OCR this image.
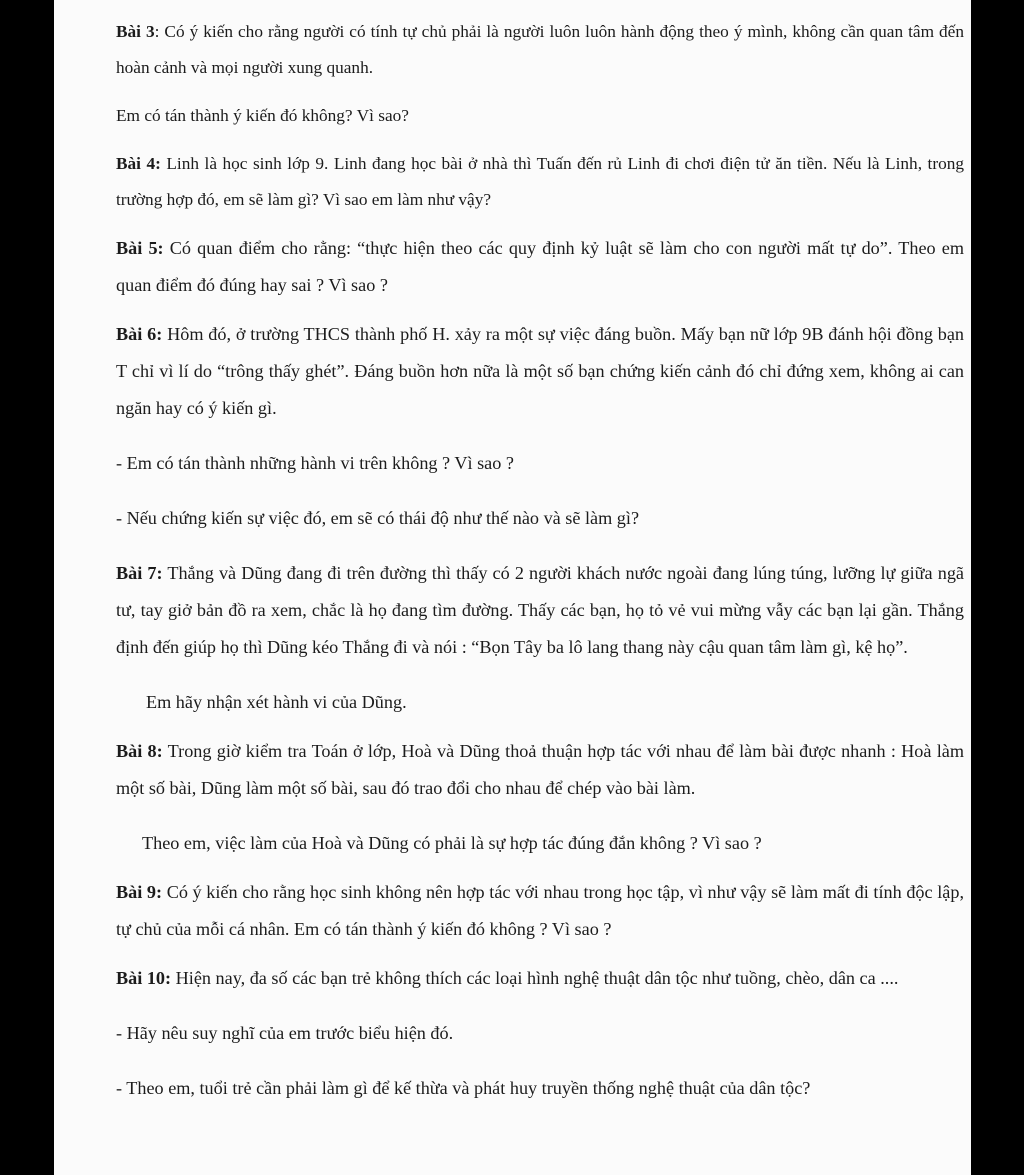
Bài 3: Có ý kiến cho rằng người có tính tự chủ phải là người luôn luôn hành động theo ý mình, không cần quan tâm đến hoàn cảnh và mọi người xung quanh.

Em có tán thành ý kiến đó không? Vì sao?

Bài 4: Linh là học sinh lớp 9. Linh đang học bài ở nhà thì Tuấn đến rủ Linh đi chơi điện tử ăn tiền. Nếu là Linh, trong trường hợp đó, em sẽ làm gì? Vì sao em làm như vậy?

Bài 5: Có quan điểm cho rằng: “thực hiện theo các quy định kỷ luật sẽ làm cho con người mất tự do”. Theo em quan điểm đó đúng hay sai ? Vì sao ?

Bài 6: Hôm đó, ở trường THCS thành phố H. xảy ra một sự việc đáng buồn. Mấy bạn nữ lớp 9B đánh hội đồng bạn T chỉ vì lí do “trông thấy ghét”. Đáng buồn hơn nữa là một số bạn chứng kiến cảnh đó chỉ đứng xem, không ai can ngăn hay có ý kiến gì.

- Em có tán thành những hành vi trên không ? Vì sao ?

- Nếu chứng kiến sự việc đó, em sẽ có thái độ như thế nào và sẽ làm gì?

Bài 7: Thắng và Dũng đang đi trên đường thì thấy có 2 người khách nước ngoài đang lúng túng, lưỡng lự giữa ngã tư, tay giở bản đồ ra xem, chắc là họ đang tìm đường. Thấy các bạn, họ tỏ vẻ vui mừng vẫy các bạn lại gần. Thắng định đến giúp họ thì Dũng kéo Thắng đi và nói : “Bọn Tây ba lô lang thang này cậu quan tâm làm gì, kệ họ”.

Em hãy nhận xét hành vi của Dũng.

Bài 8: Trong giờ kiểm tra Toán ở lớp, Hoà và Dũng thoả thuận hợp tác với nhau để làm bài được nhanh : Hoà làm một số bài, Dũng làm một số bài, sau đó trao đổi cho nhau để chép vào bài làm.

Theo em, việc làm của Hoà và Dũng có phải là sự hợp tác đúng đắn không ? Vì sao ?

Bài 9: Có ý kiến cho rằng học sinh không nên hợp tác với nhau trong học tập, vì như vậy sẽ làm mất đi tính độc lập, tự chủ của mỗi cá nhân. Em có tán thành ý kiến đó không ? Vì sao ?

Bài 10: Hiện nay, đa số các bạn trẻ không thích các loại hình nghệ thuật dân tộc như tuồng, chèo, dân ca ....

- Hãy nêu suy nghĩ của em trước biểu hiện đó.

- Theo em, tuổi trẻ cần phải làm gì để kế thừa và phát huy truyền thống nghệ thuật của dân tộc?
